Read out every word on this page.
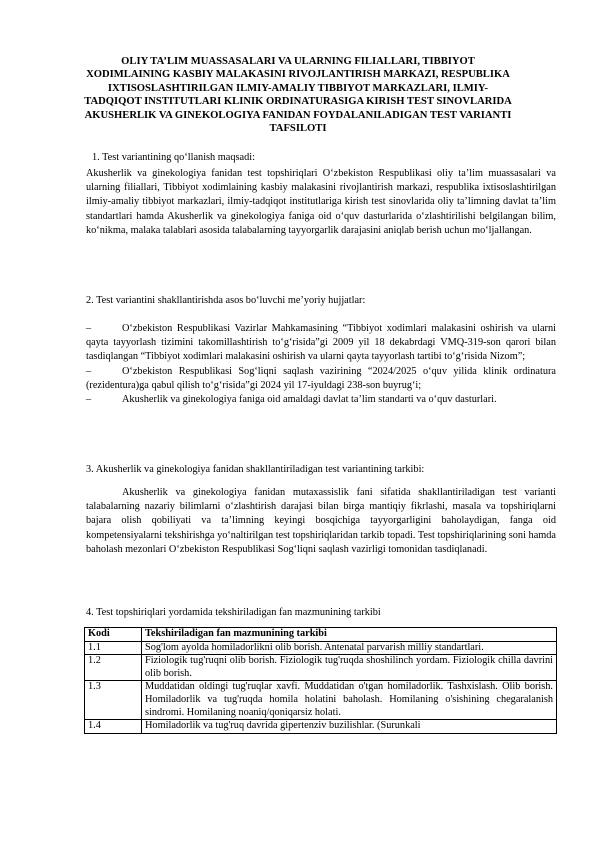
OLIY TA’LIM MUASSASALARI VA ULARNING FILIALLARI, TIBBIYOT XODIMLAINING KASBIY MALAKASINI RIVOJLANTIRISH MARKAZI, RESPUBLIKA IXTISOSLASHTIRILGAN ILMIY-AMALIY TIBBIYOT MARKAZLARI, ILMIY-TADQIQOT INSTITUTLARI KLINIK ORDINATURASIGA KIRISH TEST SINOVLARIDA AKUSHERLIK VA GINEKOLOGIYA FANIDAN FOYDALANILADIGAN TEST VARIANTI TAFSILOTI
1. Test variantining qo‘llanish maqsadi:
Akusherlik va ginekologiya fanidan test topshiriqlari O‘zbekiston Respublikasi oliy ta’lim muassasalari va ularning filiallari, Tibbiyot xodimlaining kasbiy malakasini rivojlantirish markazi, respublika ixtisoslashtirilgan ilmiy-amaliy tibbiyot markazlari, ilmiy-tadqiqot institutlariga kirish test sinovlarida oliy ta’limning davlat ta’lim standartlari hamda Akusherlik va ginekologiya faniga oid o‘quv dasturlarida o‘zlashtirilishi belgilangan bilim, ko‘nikma, malaka talablari asosida talabalarning tayyorgarlik darajasini aniqlab berish uchun mo‘ljallangan.
2. Test variantini shakllantirishda asos bo‘luvchi me’yoriy hujjatlar:

–	O‘zbekiston Respublikasi Vazirlar Mahkamasining “Tibbiyot xodimlari malakasini oshirish va ularni qayta tayyorlash tizimini takomillashtirish to‘g‘risida”gi 2009 yil 18 dekabrdagi VMQ-319-son qarori bilan tasdiqlangan “Tibbiyot xodimlari malakasini oshirish va ularni qayta tayyorlash tartibi to‘g‘risida Nizom”;

–	O‘zbekiston Respublikasi Sog‘liqni saqlash vazirining “2024/2025 o‘quv yilida klinik ordinatura (rezidentura)ga qabul qilish to‘g‘risida”gi 2024 yil 17-iyuldagi 238-son buyrug‘i;

–	Akusherlik va ginekologiya faniga oid amaldagi davlat ta’lim standarti va o‘quv dasturlari.

3. Akusherlik va ginekologiya fanidan shakllantiriladigan test variantining tarkibi:
Akusherlik va ginekologiya fanidan mutaxassislik fani sifatida shakllantiriladigan test varianti talabalarning nazariy bilimlarni o‘zlashtirish darajasi bilan birga mantiqiy fikrlashi, masala va topshiriqlarni bajara olish qobiliyati va ta’limning keyingi bosqichiga tayyorgarligini baholaydigan, fanga oid kompetensiyalarni tekshirishga yo‘naltirilgan test topshiriqlaridan tarkib topadi. Test topshiriqlarining soni hamda baholash mezonlari O‘zbekiston Respublikasi Sog‘liqni saqlash vazirligi tomonidan tasdiqlanadi.
4. Test topshiriqlari yordamida tekshiriladigan fan mazmunining tarkibi
Kodi	Tekshiriladigan fan mazmunining tarkibi
1.1	Sog'lom ayolda homiladorlikni olib borish. Antenatal parvarish milliy standartlari.
1.2	Fiziologik tug'ruqni olib borish. Fiziologik tug'ruqda shoshilinch yordam. Fiziologik chilla davrini olib borish.
1.3	Muddatidan oldingi tug'ruqlar xavfi. Muddatidan o'tgan homiladorlik. Tashxislash. Olib borish. Homiladorlik va tug'ruqda homila holatini baholash. Homilaning o'sishining chegaralanish sindromi. Homilaning noaniq/qoniqarsiz holati.
1.4	Homiladorlik va tug'ruq davrida gipertenziv buzilishlar. (Surunkali
